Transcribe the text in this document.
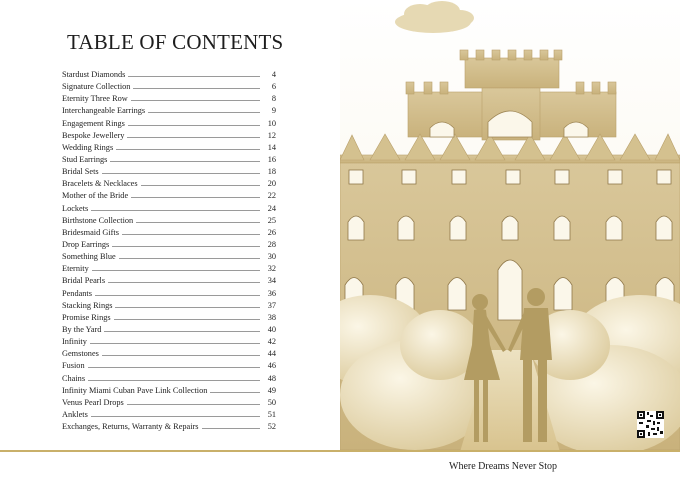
TABLE OF CONTENTS
Stardust Diamonds	4
Signature Collection	6
Eternity Three Row	8
Interchangeable Earrings	9
Engagement Rings	10
Bespoke Jewellery	12
Wedding Rings	14
Stud Earrings	16
Bridal Sets	18
Bracelets & Necklaces	20
Mother of the Bride	22
Lockets	24
Birthstone Collection	25
Bridesmaid Gifts	26
Drop Earrings	28
Something Blue	30
Eternity	32
Bridal Pearls	34
Pendants	36
Stacking Rings	37
Promise Rings	38
By the Yard	40
Infinity	42
Gemstones	44
Fusion	46
Chains	48
Infinity Miami Cuban Pave Link Collection	49
Venus Pearl Drops	50
Anklets	51
Exchanges, Returns, Warranty & Repairs	52
Where Dreams Never Stop
